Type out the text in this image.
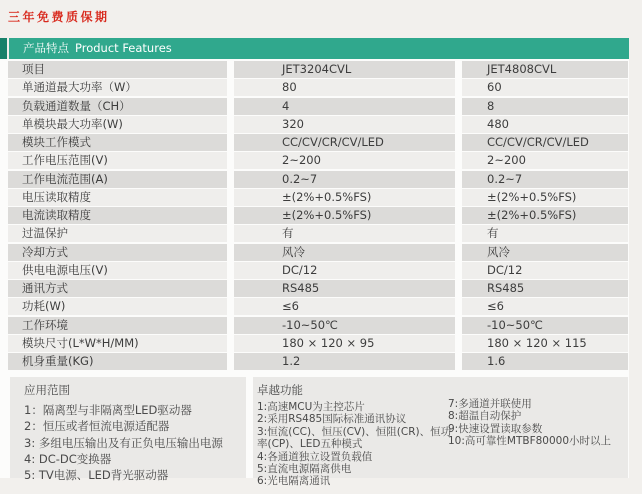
三年免费质保期
产品特点 Product Features
项目	JET3204CVL	JET4808CVL
单通道最大功率（W）	80	60
负载通道数量（CH）	4	8
单模块最大功率(W)	320	480
模块工作模式	CC/CV/CR/CV/LED	CC/CV/CR/CV/LED
工作电压范围(V)	2~200	2~200
工作电流范围(A)	0.2~7	0.2~7
电压读取精度	±(2%+0.5%FS)	±(2%+0.5%FS)
电流读取精度	±(2%+0.5%FS)	±(2%+0.5%FS)
过温保护	有	有
冷却方式	风冷	风冷
供电电源电压(V)	DC/12	DC/12
通讯方式	RS485	RS485
功耗(W)	≤6	≤6
工作环境	-10~50℃	-10~50℃
模块尺寸(L*W*H/MM)	180 × 120 × 95	180 × 120 × 115
机身重量(KG)	1.2	1.6
应用范围
1：隔离型与非隔离型LED驱动器
2：恒压或者恒流电源适配器
3: 多组电压输出及有正负电压输出电源
4: DC-DC变换器
5: TV电源、LED背光驱动器
卓越功能
1:高速MCU为主控芯片
2:采用RS485国际标准通讯协议
3:恒流(CC)、恒压(CV)、恒阻(CR)、恒功率(CP)、LED五种模式
4:各通道独立设置负载值
5:直流电源隔离供电
6:光电隔离通讯
7:多通道并联使用
8:超温自动保护
9:快速设置读取参数
10:高可靠性MTBF80000小时以上
